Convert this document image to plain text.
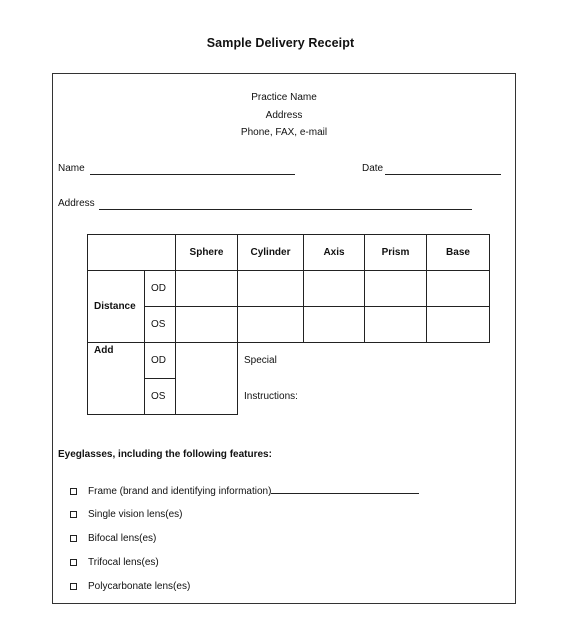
Sample Delivery Receipt
Practice Name
Address
Phone, FAX, e-mail
Name	Date
Address
		Sphere	Cylinder	Axis	Prism	Base
Distance	OD					
	OS					
Add	OD		Special			
	OS		Instructions:			
Eyeglasses, including the following features:
Frame (brand and identifying information)
Single vision lens(es)
Bifocal lens(es)
Trifocal lens(es)
Polycarbonate lens(es)
